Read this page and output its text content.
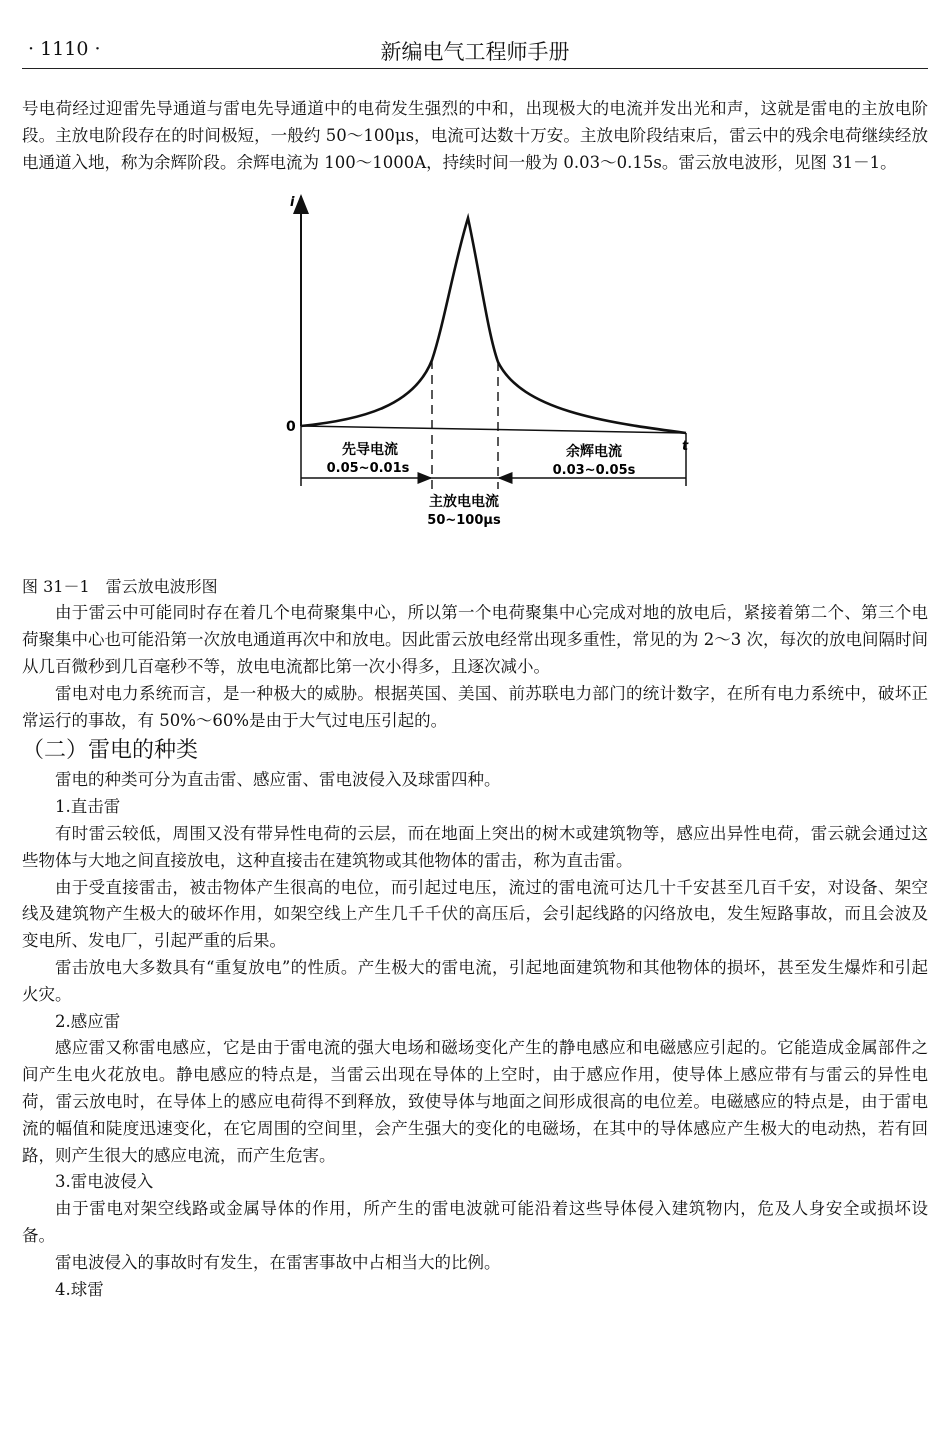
· 1110 ·	新编电气工程师手册

号电荷经过迎雷先导通道与雷电先导通道中的电荷发生强烈的中和，出现极大的电流并发出光和声，这就是雷电的主放电阶段。主放电阶段存在的时间极短，一般约 50～100μs，电流可达数十万安。主放电阶段结束后，雷云中的残余电荷继续经放电通道入地，称为余辉阶段。余辉电流为 100～1000A，持续时间一般为 0.03～0.15s。雷云放电波形，见图 31－1。

i
0
t
先导电流
0.05~0.01s
余辉电流
0.03~0.05s
主放电电流
50~100μs

图 31－1　雷云放电波形图

由于雷云中可能同时存在着几个电荷聚集中心，所以第一个电荷聚集中心完成对地的放电后，紧接着第二个、第三个电荷聚集中心也可能沿第一次放电通道再次中和放电。因此雷云放电经常出现多重性，常见的为 2～3 次，每次的放电间隔时间从几百微秒到几百毫秒不等，放电电流都比第一次小得多，且逐次减小。

雷电对电力系统而言，是一种极大的威胁。根据英国、美国、前苏联电力部门的统计数字，在所有电力系统中，破坏正常运行的事故，有 50%～60%是由于大气过电压引起的。

（二）雷电的种类

雷电的种类可分为直击雷、感应雷、雷电波侵入及球雷四种。

1.直击雷

有时雷云较低，周围又没有带异性电荷的云层，而在地面上突出的树木或建筑物等，感应出异性电荷，雷云就会通过这些物体与大地之间直接放电，这种直接击在建筑物或其他物体的雷击，称为直击雷。

由于受直接雷击，被击物体产生很高的电位，而引起过电压，流过的雷电流可达几十千安甚至几百千安，对设备、架空线及建筑物产生极大的破坏作用，如架空线上产生几千千伏的高压后，会引起线路的闪络放电，发生短路事故，而且会波及变电所、发电厂，引起严重的后果。

雷击放电大多数具有“重复放电”的性质。产生极大的雷电流，引起地面建筑物和其他物体的损坏，甚至发生爆炸和引起火灾。

2.感应雷

感应雷又称雷电感应，它是由于雷电流的强大电场和磁场变化产生的静电感应和电磁感应引起的。它能造成金属部件之间产生电火花放电。静电感应的特点是，当雷云出现在导体的上空时，由于感应作用，使导体上感应带有与雷云的异性电荷，雷云放电时，在导体上的感应电荷得不到释放，致使导体与地面之间形成很高的电位差。电磁感应的特点是，由于雷电流的幅值和陡度迅速变化，在它周围的空间里，会产生强大的变化的电磁场，在其中的导体感应产生极大的电动热，若有回路，则产生很大的感应电流，而产生危害。

3.雷电波侵入

由于雷电对架空线路或金属导体的作用，所产生的雷电波就可能沿着这些导体侵入建筑物内，危及人身安全或损坏设备。

雷电波侵入的事故时有发生，在雷害事故中占相当大的比例。

4.球雷
